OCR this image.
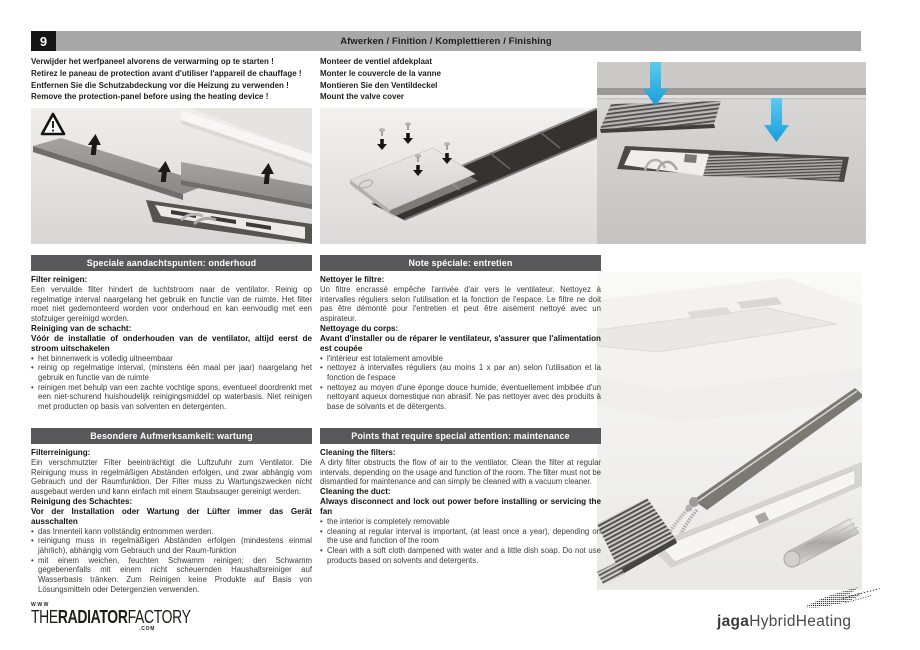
9	Afwerken / Finition / Komplettieren / Finishing
Verwijder het werfpaneel alvorens de verwarming op te starten !
Retirez le paneau de protection avant d'utiliser l'appareil de chauffage !
Entfernen Sie die Schutzabdeckung vor die Heizung zu verwenden !
Remove the protection-panel before using the heating device !
Monteer de ventiel afdekplaat
Monter le couvercle de la vanne
Montieren Sie den Ventildeckel
Mount the valve cover
Speciale aandachtspunten: onderhoud
Filter reinigen:

Een vervuilde filter hindert de luchtstroom naar de ventilator. Reinig op regelmatige interval naargelang het gebruik en functie van de ruimte. Het filter moet niet gedemonteerd worden voor onderhoud en kan eenvoudig met een stofzuiger gereinigd worden.

Reiniging van de schacht:
Vóór de installatie of onderhouden van de ventilator, altijd eerst de stroom uitschakelen
• het binnenwerk is volledig uitneembaar
• reinig op regelmatige interval, (minstens één maal per jaar) naargelang het gebruik en functie van de ruimte
• reinigen met behulp van een zachte vochtige spons, eventueel doordrenkt met een niet-schurend huishoudelijk reinigingsmiddel op waterbasis. Niet reinigen met producten op basis van solventen en detergenten.
Note spéciale: entretien
Nettoyer le filtre:

Un filtre encrassé empêche l'arrivée d'air vers le ventilateur. Nettoyez à intervalles réguliers selon l'utilisation et la fonction de l'espace. Le filtre ne doit pas être démonté pour l'entretien et peut être aisément nettoyé avec un aspirateur.

Nettoyage du corps:
Avant d'installer ou de réparer le ventilateur, s'assurer que l'alimentation est coupée
• l'intérieur est totalement amovible
• nettoyez à intervalles réguliers (au moins 1 x par an) selon l'utilisation et la fonction de l'espace
• nettoyez au moyen d'une éponge douce humide, éventuellement imbibée d'un nettoyant aqueux domestique non abrasif. Ne pas nettoyer avec des produits à base de solvants et de détergents.
Besondere Aufmerksamkeit: wartung
Filterreinigung:

Ein verschmutzter Filter beeinträchtigt die Luftzufuhr zum Ventilator. Die Reinigung muss in regelmäßigen Abständen erfolgen, und zwar abhängig vom Gebrauch und der Raumfunktion. Der Filter muss zu Wartungszwecken nicht ausgebaut werden und kann einfach mit einem Staubsauger gereinigt werden.

Reinigung des Schachtes:
Vor der Installation oder Wartung der Lüfter immer das Gerät ausschalten
• das Innenteil kann vollständig entnommen werden.
• reinigung muss in regelmäßigen Abständen erfolgen (mindestens einmal jährlich), abhängig vom Gebrauch und der Raum-funktion
• mit einem weichen, feuchten Schwamm reinigen; den Schwamm gegebenenfalls mit einem nicht scheuernden Haushaltsreiniger auf Wasserbasis tränken. Zum Reinigen keine Produkte auf Basis von Lösungsmitteln oder Detergenzien verwenden.
Points that require special attention: maintenance
Cleaning the filters:

A dirty filter obstructs the flow of air to the ventilator. Clean the filter at regular intervals, depending on the usage and function of the room. The filter must not be dismantled for maintenance and can simply be cleaned with a vacuum cleaner.

Cleaning the duct:
Always disconnect and lock out power before installing or servicing the fan
• the interior is completely removable
• cleaning at regular interval is important, (at least once a year), depending on the use and function of the room
• Clean with a soft cloth dampened with water and a little dish soap. Do not use products based on solvents and detergents.
WWW
THERADIATORFACTORY
.COM	jagaHybridHeating
